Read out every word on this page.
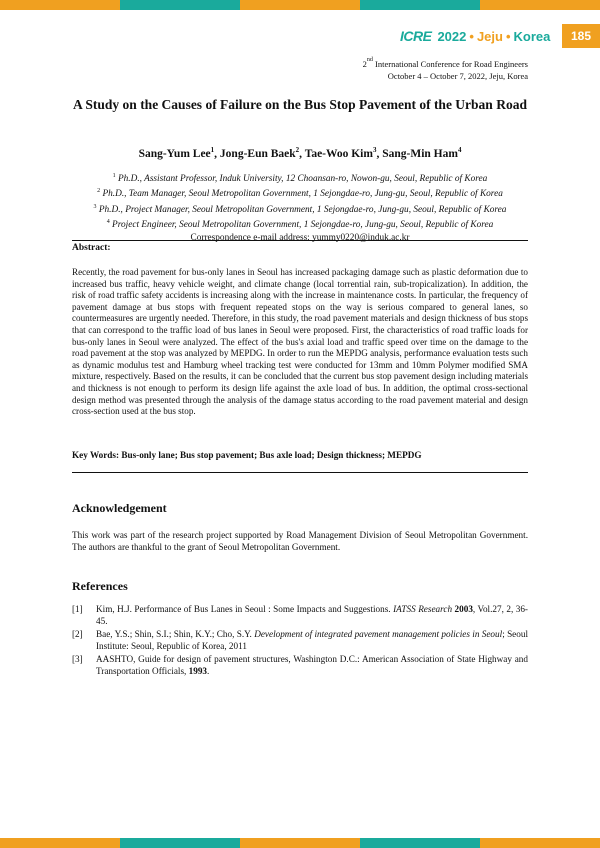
ICRE 2022 • Jeju • Korea	185
2nd International Conference for Road Engineers
October 4 – October 7, 2022, Jeju, Korea
A Study on the Causes of Failure on the Bus Stop Pavement of the Urban Road

Sang-Yum Lee$^1$, Jong-Eun Baek$^2$, Tae-Woo Kim$^3$, Sang-Min Ham$^4$

$^1$ Ph.D., Assistant Professor, Induk University, 12 Choansan-ro, Nowon-gu, Seoul, Republic of Korea
$^2$ Ph.D., Team Manager, Seoul Metropolitan Government, 1 Sejongdae-ro, Jung-gu, Seoul, Republic of Korea
$^3$ Ph.D., Project Manager, Seoul Metropolitan Government, 1 Sejongdae-ro, Jung-gu, Seoul, Republic of Korea
$^4$ Project Engineer, Seoul Metropolitan Government, 1 Sejongdae-ro, Jung-gu, Seoul, Republic of Korea
Correspondence e-mail address: yummy0220@induk.ac.kr
Abstract:

Recently, the road pavement for bus-only lanes in Seoul has increased packaging damage such as plastic deformation due to increased bus traffic, heavy vehicle weight, and climate change (local torrential rain, sub-tropicalization). In addition, the risk of road traffic safety accidents is increasing along with the increase in maintenance costs. In particular, the frequency of pavement damage at bus stops with frequent repeated stops on the way is serious compared to general lanes, so countermeasures are urgently needed. Therefore, in this study, the road pavement materials and design thickness of bus stops that can correspond to the traffic load of bus lanes in Seoul were proposed. First, the characteristics of road traffic loads for bus-only lanes in Seoul were analyzed. The effect of the bus's axial load and traffic speed over time on the damage to the road pavement at the stop was analyzed by MEPDG. In order to run the MEPDG analysis, performance evaluation tests such as dynamic modulus test and Hamburg wheel tracking test were conducted for 13mm and 10mm Polymer modified SMA mixture, respectively. Based on the results, it can be concluded that the current bus stop pavement design including materials and thickness is not enough to perform its design life against the axle load of bus. In addition, the optimal cross-sectional design method was presented through the analysis of the damage status according to the road pavement material and design cross-section used at the bus stop.

Key Words: Bus-only lane; Bus stop pavement; Bus axle load; Design thickness; MEPDG

Acknowledgement

This work was part of the research project supported by Road Management Division of Seoul Metropolitan Government. The authors are thankful to the grant of Seoul Metropolitan Government.

References
[1]	Kim, H.J. Performance of Bus Lanes in Seoul : Some Impacts and Suggestions. IATSS Research 2003, Vol.27, 2, 36-45.
[2]	Bae, Y.S.; Shin, S.I.; Shin, K.Y.; Cho, S.Y. Development of integrated pavement management policies in Seoul; Seoul Institute: Seoul, Republic of Korea, 2011
[3]	AASHTO, Guide for design of pavement structures, Washington D.C.: American Association of State Highway and Transportation Officials, 1993.
